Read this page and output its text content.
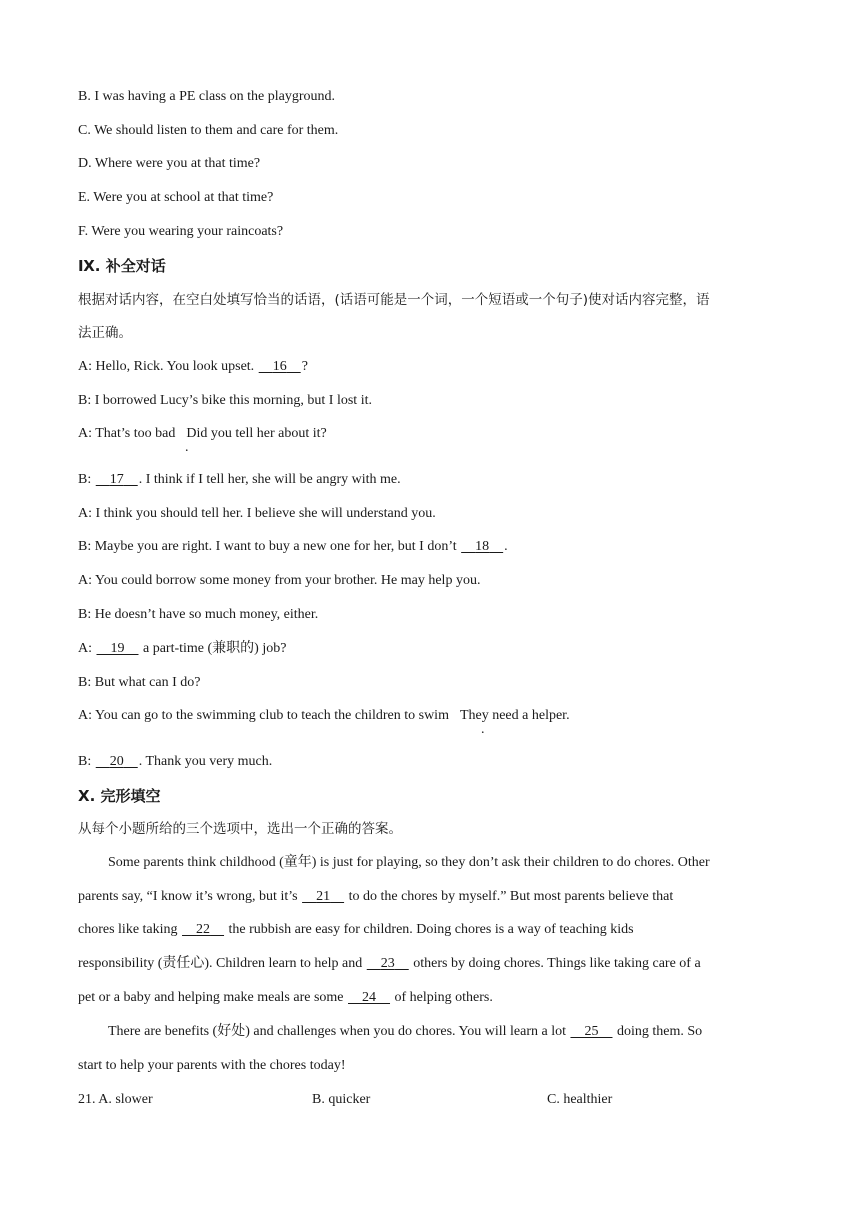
B. I was having a PE class on the playground.
C. We should listen to them and care for them.
D. Where were you at that time?
E. Were you at school at that time?
F. Were you wearing your raincoats?
Ⅸ. 补全对话
根据对话内容，在空白处填写恰当的话语，(话语可能是一个词，一个短语或一个句子)使对话内容完整，语
法正确。
A: Hello, Rick. You look upset.     16 ?
B: I borrowed Lucy’s bike this morning, but I lost it.
A: That’s too bad Did you tell her about it?
.
B:     17 . I think if I tell her, she will be angry with me.
A: I think you should tell her. I believe she will understand you.
B: Maybe you are right. I want to buy a new one for her, but I don’t     18 .
A: You could borrow some money from your brother. He may help you.
B: He doesn’t have so much money, either.
A:     19     a part-time (兼职的) job?
B: But what can I do?
A: You can go to the swimming club to teach the children to swim They need a helper.
.
B:     20 . Thank you very much.
Ⅹ. 完形填空
从每个小题所给的三个选项中，选出一个正确的答案。
Some parents think childhood (童年) is just for playing, so they don’t ask their children to do chores. Other
parents say, “I know it’s wrong, but it’s     21     to do the chores by myself.” But most parents believe that
chores like taking     22     the rubbish are easy for children. Doing chores is a way of teaching kids
responsibility (责任心). Children learn to help and     23     others by doing chores. Things like taking care of a
pet or a baby and helping make meals are some     24     of helping others.
There are benefits (好处) and challenges when you do chores. You will learn a lot     25     doing them. So
start to help your parents with the chores today!
21. A. slower	B. quicker	C. healthier
